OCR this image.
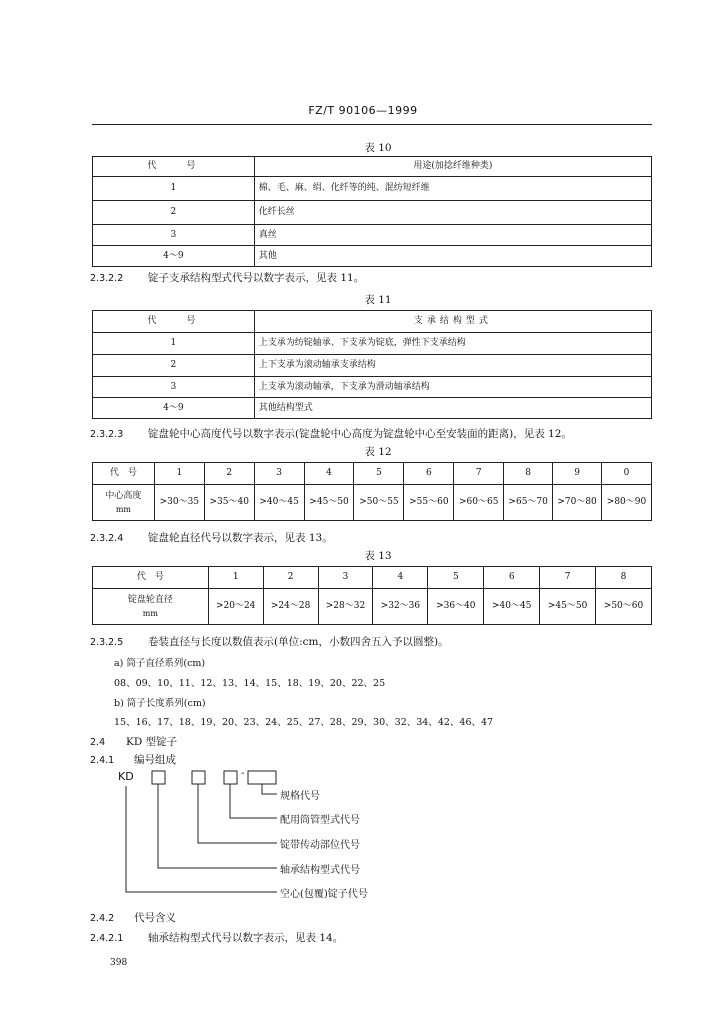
FZ/T 90106—1999
表 10
代　　号	用途(加捻纤维种类)
1	棉、毛、麻、绢、化纤等的纯、混纺短纤维
2	化纤长丝
3	真丝
4～9	其他
2.3.2.2 锭子支承结构型式代号以数字表示，见表 11。
表 11
代　　号	支承结构型式
1	上支承为纺锭轴承、下支承为锭底，弹性下支承结构
2	上下支承为滚动轴承支承结构
3	上支承为滚动轴承，下支承为滑动轴承结构
4～9	其他结构型式
2.3.2.3 锭盘轮中心高度代号以数字表示(锭盘轮中心高度为锭盘轮中心至安装面的距离)，见表 12。
表 12
代　号	1	2	3	4	5	6	7	8	9	0

中心高度
mm	>30～35	>35～40	>40～45	>45～50	>50～55	>55～60	>60～65	>65～70	>70～80	>80～90
2.3.2.4 锭盘轮直径代号以数字表示，见表 13。
表 13
代　号	1	2	3	4	5	6	7	8

锭盘轮直径
mm	>20～24	>24～28	>28～32	>32～36	>36～40	>40～45	>45～50	>50～60
2.3.2.5 卷装直径与长度以数值表示(单位:cm，小数四舍五入予以圆整)。
a) 筒子直径系列(cm)
08、09、10、11、12、13、14、15、18、19、20、22、25
b) 筒子长度系列(cm)
15、16、17、18、19、20、23、24、25、27、28、29、30、32、34、42、46、47
2.4 KD 型锭子
2.4.1 编号组成
KD	-
规格代号
配用筒管型式代号
锭带传动部位代号
轴承结构型式代号
空心(包覆)锭子代号
2.4.2 代号含义
2.4.2.1 轴承结构型式代号以数字表示，见表 14。
398
